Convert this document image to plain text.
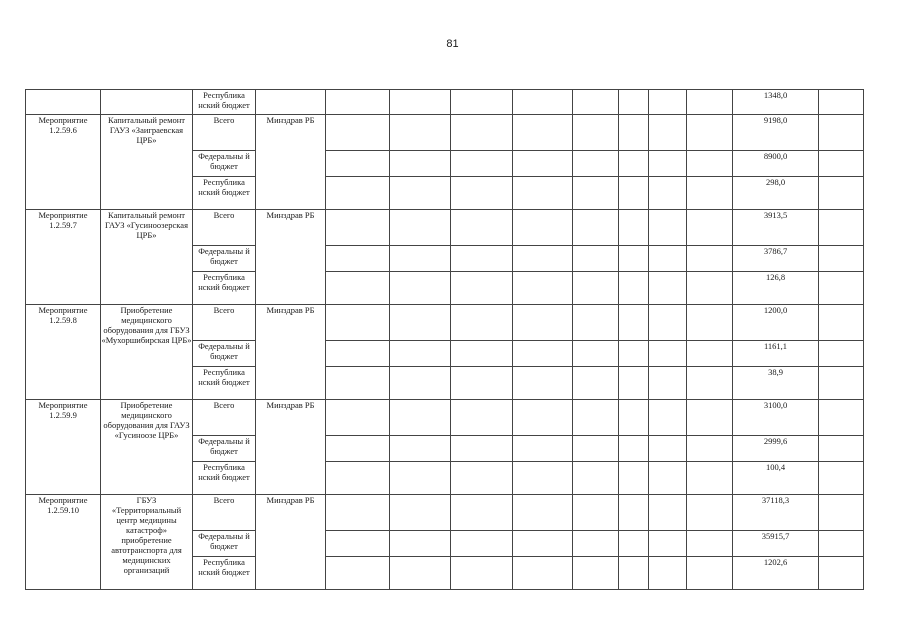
81
		Республика нский бюджет										1348,0	
Мероприятие 1.2.59.6	Капитальный ремонт ГАУЗ «Заиграевская ЦРБ»	Всего	Минздрав РБ									9198,0	
		Федеральны й бюджет										8900,0	
		Республика нский бюджет										298,0	
Мероприятие 1.2.59.7	Капитальный ремонт ГАУЗ «Гусиноозерская ЦРБ»	Всего	Минздрав РБ									3913,5	
		Федеральны й бюджет										3786,7	
		Республика нский бюджет										126,8	
Мероприятие 1.2.59.8	Приобретение медицинского оборудования для ГБУЗ «Мухоршибирская ЦРБ»	Всего	Минздрав РБ									1200,0	
		Федеральны й бюджет										1161,1	
		Республика нский бюджет										38,9	
Мероприятие 1.2.59.9	Приобретение медицинского оборудования для ГАУЗ «Гусиноозе ЦРБ»	Всего	Минздрав РБ									3100,0	
		Федеральны й бюджет										2999,6	
		Республика нский бюджет										100,4	
Мероприятие 1.2.59.10	ГБУЗ «Территориальный центр медицины катастроф» приобретение автотранспорта для медицинских организаций	Всего	Минздрав РБ									37118,3	
		Федеральны й бюджет										35915,7	
		Республика нский бюджет										1202,6	
